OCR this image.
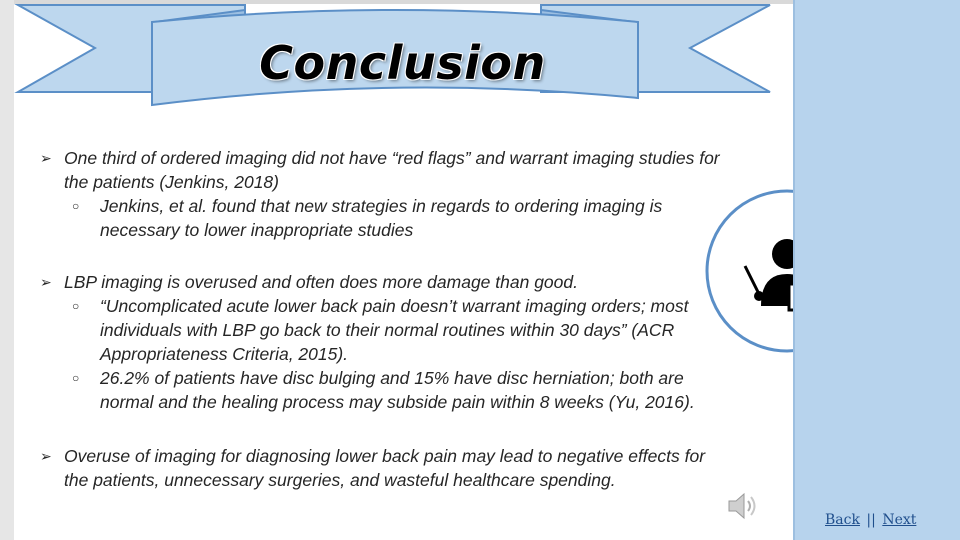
Conclusion
➢ One third of ordered imaging did not have “red flags” and warrant imaging studies for the patients (Jenkins, 2018)
○ Jenkins, et al. found that new strategies in regards to ordering imaging is necessary to lower inappropriate studies
➢ LBP imaging is overused and often does more damage than good.
○ “Uncomplicated acute lower back pain doesn’t warrant imaging orders; most individuals with LBP go back to their normal routines within 30 days” (ACR Appropriateness Criteria, 2015).
○ 26.2% of patients have disc bulging and 15% have disc herniation; both are normal and the healing process may subside pain within 8 weeks (Yu, 2016).
➢ Overuse of imaging for diagnosing lower back pain may lead to negative effects for the patients, unnecessary surgeries, and wasteful healthcare spending.
Back || Next
